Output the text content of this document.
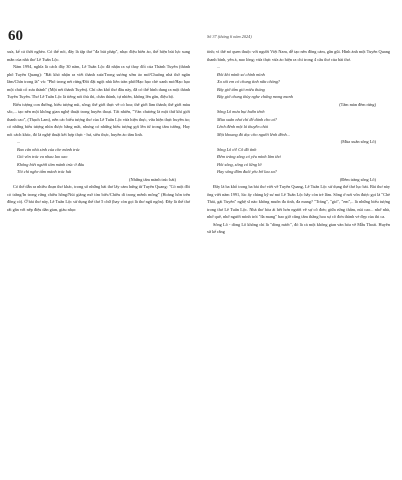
60	Số 37 (tháng 6 năm 2024)

xưa, kể cả thời nghèo. Có thể nói, đây là tập thơ "đa bút pháp", nhạc điệu biến ảo, thể hiện bút lực sung mãn của nhà thơ Lê Tuấn Lộc.

Năm 1994, nghĩa là cách đây 30 năm, Lê Tuấn Lộc đã nhận ra sự thay đổi của Thành Tuyên (thành phố Tuyên Quang): "Rất khó nhận ra viết thành xưa/Trong sương sớm ảo mờ/Chuông nhà thờ ngân lắm/Chín trong lá" và: "Phố trong nét rừng/Đôi đặt ngột nhà liên trăn phố/Hạo hạo chè xanh mỏ/Hạo hạo một chút cổ xưa thành" (Một nét thành Tuyên). Chỉ cần khổ thơ đầu này, đã có thể hình dung ra một thành Tuyên Tuyên. Thơ Lê Tuấn Lộc là tiếng nói thủ thỉ, chân thành, tự nhiên, không lên gân, điệu bộ.

Biểu tượng con đường, biểu tượng núi, sông; thế giới thực về cỏ hoa; thế giới làm thành; thế giới màu sắc,... tạo nên một không gian nghệ thuật trong huyền thoại. Tất nhiên, "Văn chương là một thứ khí giới thanh cao", (Thạch Lam), nên các biểu tượng thơ của Lê Tuấn Lộc vừa hiện thực, vừa hiện thực huyền ảo; có những biểu tượng nhìn được bằng mắt, nhưng có những biểu tượng gợi lên từ trong tâm tưởng. Hay nói cách khác, đó là nghệ thuật kết hợp thực - hư, siêu thực, huyền ảo tâm linh.

...
Bao cân nhà sinh của che mành trúc
Gió vôn trúc va nhau lao xao
Không biết người tâm mành trúc ở đâu
Tôi chỉ nghe tấm mành trúc hát
(Những tấm mành trúc hát)

Có thể dẫn ra nhiều đoạn thơ khác, trong số những bài thơ lấy cảm hứng từ Tuyên Quang: "Có một đồi cỏ trắng/In trong rừng chiều hồng/Núi giăng mờ tím biếc/Chiều dì trong mênh mông" (Hoàng hôn trên đồng cỏ). Ở bài thơ này, Lê Tuấn Lộc sử dụng thể thơ 5 chữ (hay còn gọi là thơ ngũ ngôn). Đây là thể thơ rất gần với nếp điệu dân gian, giàu nhạc

tính; vì thế nó quen thuộc với người Việt Nam, dễ tạo nên đồng cảm, gần gũi. Hình ảnh một Tuyên Quang thanh bình, yên ả, nao lòng; vừa thực vừa ảo hiện ra chỉ trong 4 câu thơ của bài thơ.

...
Đôi khi mình sơ chính mình
Xa xôi em có chung tình nữa chăng?
Bây giờ tấm gió miếu tháng
Bây giờ chung thủy nghe chừng mong manh
(Tấm màn đêm rừng)
Sông Lô mưa bụi buồn tênh
Mùa xuân như chỉ để dành cho ai?
Lênh đênh một lá thuyền chài
Một khoang đò dọc cho người lênh đênh...
(Mùa xuân sông Lô)
Sông Lô ơi! Cô đã tình
Đêm trăng sông có yêu mình lâm thơ
Hôi sông, sông có lừng lờ
Hay sông đắm đuối yêu bờ lau xa?
(Đêm trăng sông Lô)

Đây là ba khổ trong ba bài thơ viết về Tuyên Quang, Lê Tuấn Lộc sử dụng thể thơ lục bát. Bài thơ này ông viết năm 1991, lúc ấy chàng kỹ sư mỏ Lê Tuấn Lộc hãy còn trẻ lắm. Sông ở nơi vốn được gọi là "Chè Thái, gái Tuyên" nghệ sĩ nào không muốn đa tình, đa mang? "Trăng", "gió", "em",.. là những biểu tượng trong thơ Lê Tuấn Lộc. Nhà thơ hòa ái hết hơn người về sự cô đơn; giữa rừng thẳm, núi cao... nhớ nhà, nhớ quê, nhớ người mình trót "đa mang" bao giờ cũng tâm thắng hoa sự cô đơn thành vẻ đẹp của thi ca.

Sông Lô - dòng Lô không chỉ là "dòng nước", đó là cả một không gian văn hóa về Mẫu Thoải. Huyền sử kể rằng
